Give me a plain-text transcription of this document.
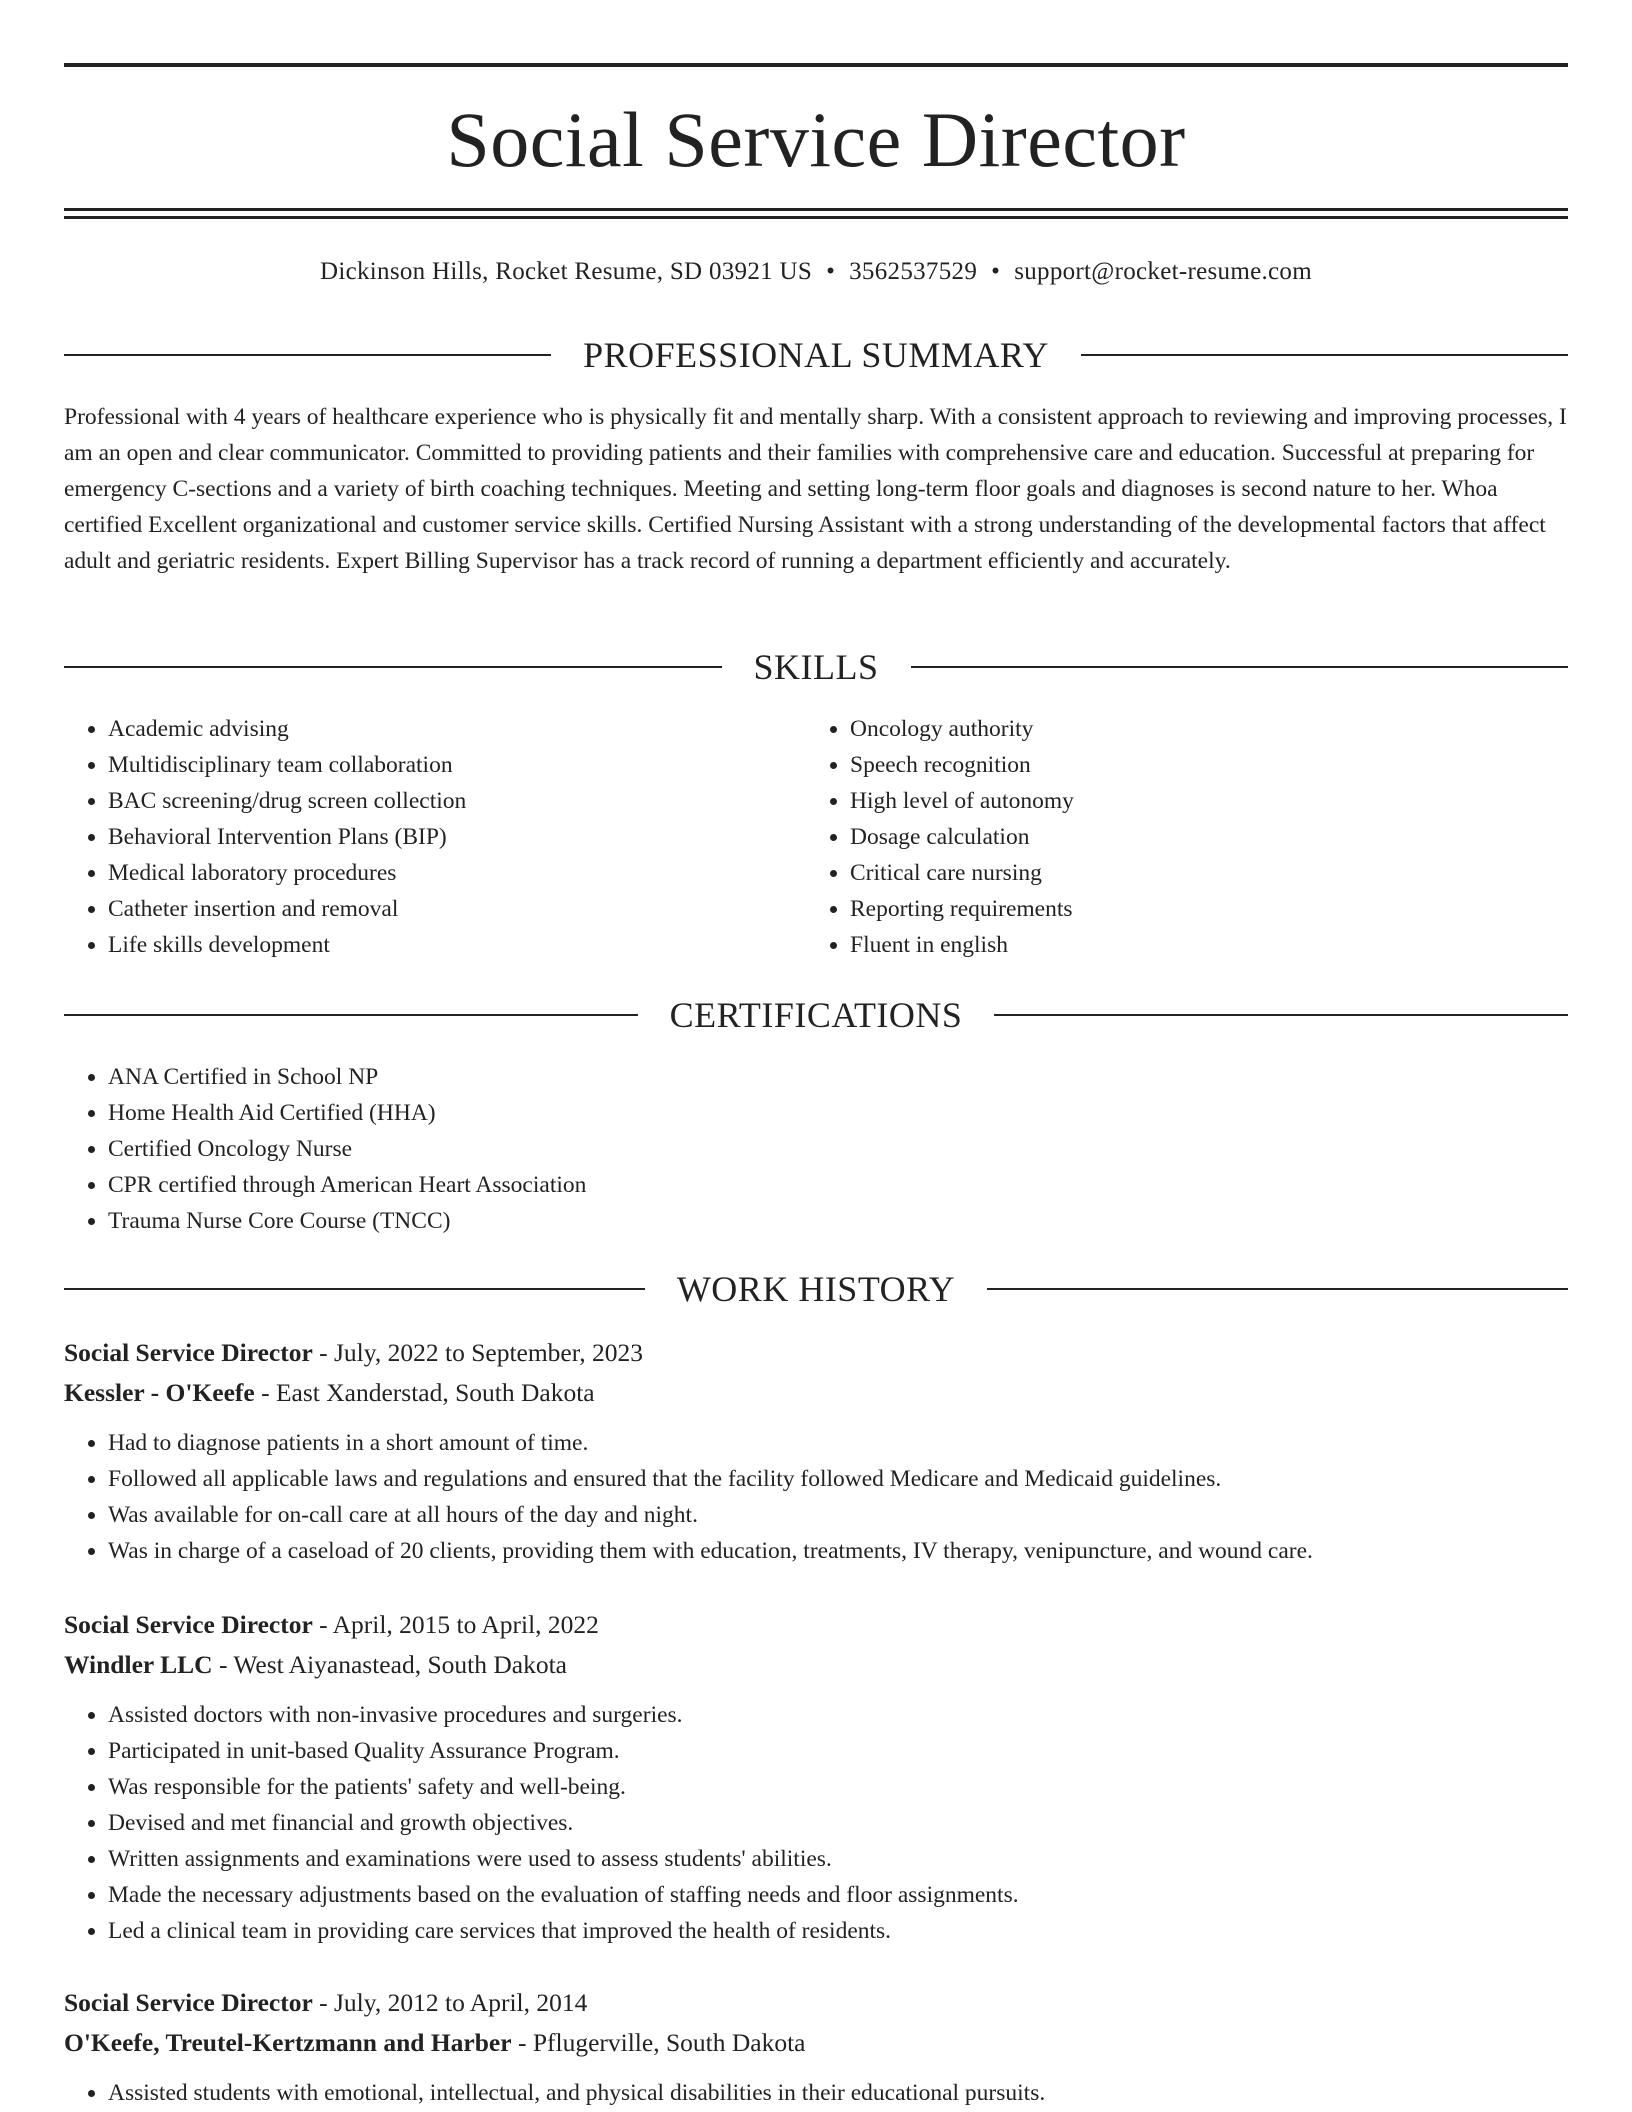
Social Service Director
Dickinson Hills, Rocket Resume, SD 03921 US • 3562537529 • support@rocket-resume.com
PROFESSIONAL SUMMARY

Professional with 4 years of healthcare experience who is physically fit and mentally sharp. With a consistent approach to reviewing and improving processes, I am an open and clear communicator. Committed to providing patients and their families with comprehensive care and education. Successful at preparing for emergency C-sections and a variety of birth coaching techniques. Meeting and setting long-term floor goals and diagnoses is second nature to her. Whoa certified Excellent organizational and customer service skills. Certified Nursing Assistant with a strong understanding of the developmental factors that affect adult and geriatric residents. Expert Billing Supervisor has a track record of running a department efficiently and accurately.

SKILLS
• Academic advising
• Multidisciplinary team collaboration
• BAC screening/drug screen collection
• Behavioral Intervention Plans (BIP)
• Medical laboratory procedures
• Catheter insertion and removal
• Life skills development
• Oncology authority
• Speech recognition
• High level of autonomy
• Dosage calculation
• Critical care nursing
• Reporting requirements
• Fluent in english
CERTIFICATIONS
• ANA Certified in School NP
• Home Health Aid Certified (HHA)
• Certified Oncology Nurse
• CPR certified through American Heart Association
• Trauma Nurse Core Course (TNCC)
WORK HISTORY

Social Service Director - July, 2022 to September, 2023

Kessler - O'Keefe - East Xanderstad, South Dakota

• Had to diagnose patients in a short amount of time.
• Followed all applicable laws and regulations and ensured that the facility followed Medicare and Medicaid guidelines.
• Was available for on-call care at all hours of the day and night.
• Was in charge of a caseload of 20 clients, providing them with education, treatments, IV therapy, venipuncture, and wound care.

Social Service Director - April, 2015 to April, 2022

Windler LLC - West Aiyanastead, South Dakota

• Assisted doctors with non-invasive procedures and surgeries.
• Participated in unit-based Quality Assurance Program.
• Was responsible for the patients' safety and well-being.
• Devised and met financial and growth objectives.
• Written assignments and examinations were used to assess students' abilities.
• Made the necessary adjustments based on the evaluation of staffing needs and floor assignments.
• Led a clinical team in providing care services that improved the health of residents.

Social Service Director - July, 2012 to April, 2014

O'Keefe, Treutel-Kertzmann and Harber - Pflugerville, South Dakota

• Assisted students with emotional, intellectual, and physical disabilities in their educational pursuits.
